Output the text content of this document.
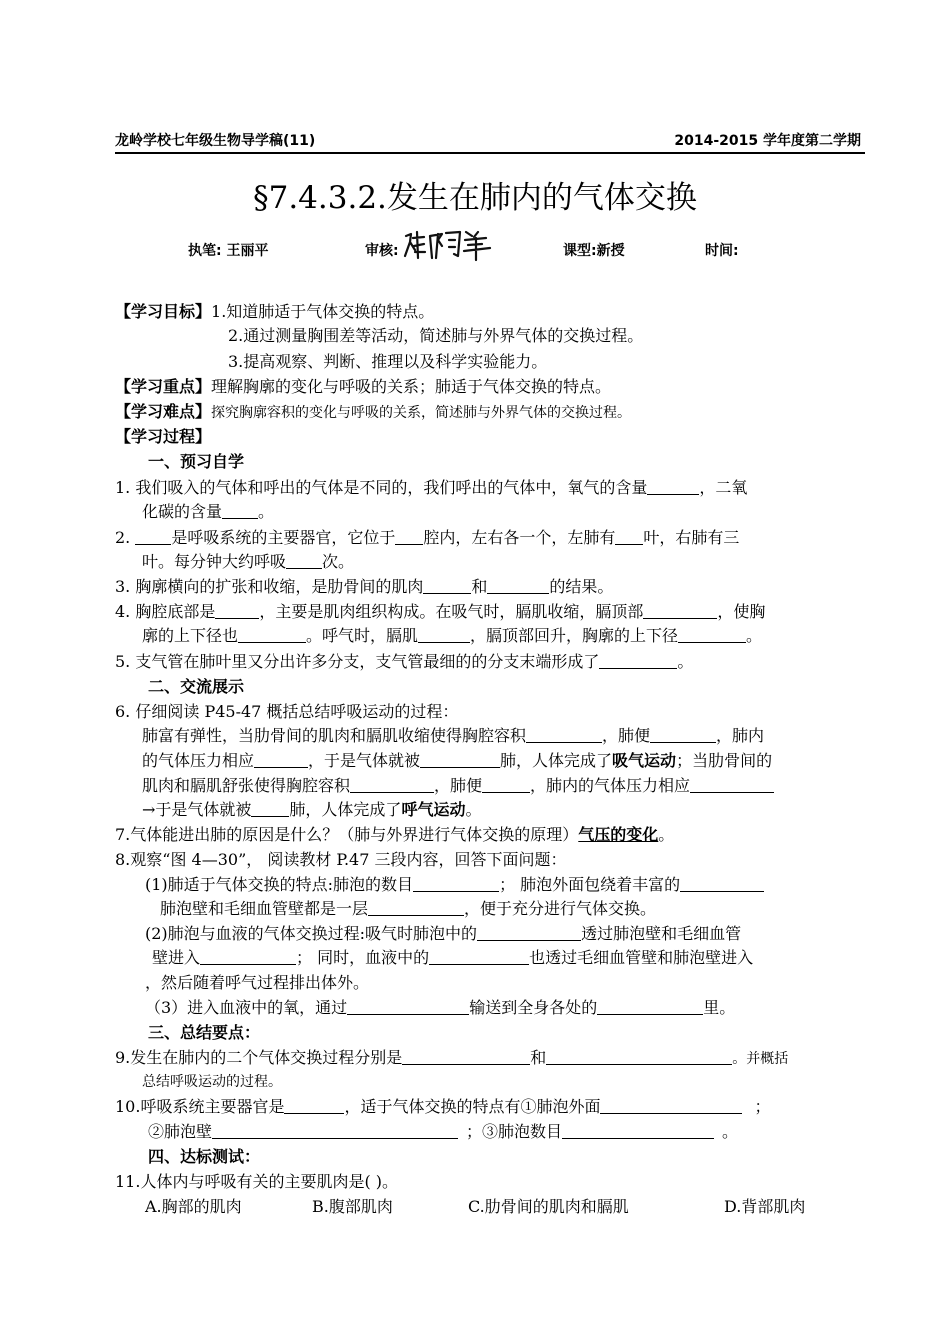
龙岭学校七年级生物导学稿(11)	2014-2015 学年度第二学期
§7.4.3.2.发生在肺内的气体交换
执笔: 王丽平	审核:	课型:新授	时间:
【学习目标】1.知道肺适于气体交换的特点。
2.通过测量胸围差等活动，简述肺与外界气体的交换过程。
3.提高观察、判断、推理以及科学实验能力。
【学习重点】理解胸廓的变化与呼吸的关系；肺适于气体交换的特点。
【学习难点】探究胸廓容积的变化与呼吸的关系，简述肺与外界气体的交换过程。
【学习过程】
一、预习自学
1. 我们吸入的气体和呼出的气体是不同的，我们呼出的气体中，氧气的含量	，二氧
化碳的含量 。
2. 是呼吸系统的主要器官，它位于 腔内，左右各一个，左肺有 叶，右肺有三
叶。每分钟大约呼吸 次。
3. 胸廓横向的扩张和收缩，是肋骨间的肌肉	和	的结果。
4. 胸腔底部是	，主要是肌肉组织构成。在吸气时，膈肌收缩，膈顶部	，使胸
廓的上下径也	。呼气时，膈肌	，膈顶部回升，胸廓的上下径	。
5. 支气管在肺叶里又分出许多分支，支气管最细的的分支末端形成了	。
二、交流展示
6. 仔细阅读 P45-47 概括总结呼吸运动的过程：
肺富有弹性，当肋骨间的肌肉和膈肌收缩使得胸腔容积	，肺便	，肺内
的气体压力相应	，于是气体就被	肺，人体完成了吸气运动；当肋骨间的
肌肉和膈肌舒张使得胸腔容积	，肺便	，肺内的气体压力相应
→于是气体就被 肺，人体完成了呼气运动。
7.气体能进出肺的原因是什么？（肺与外界进行气体交换的原理）气压的变化。
8.观察“图 4—30”， 阅读教材 P.47 三段内容，回答下面问题：
(1)肺适于气体交换的特点:肺泡的数目	； 肺泡外面包绕着丰富的
肺泡壁和毛细血管壁都是一层	，便于充分进行气体交换。
(2)肺泡与血液的气体交换过程:吸气时肺泡中的	透过肺泡壁和毛细血管
壁进入	； 同时，血液中的	也透过毛细血管壁和肺泡壁进入
，然后随着呼气过程排出体外。
（3）进入血液中的氧，通过	输送到全身各处的	里。
三、总结要点：
9.发生在肺内的二个气体交换过程分别是	和	。并概括
总结呼吸运动的过程。
10.呼吸系统主要器官是	，适于气体交换的特点有①肺泡外面	；
②肺泡壁	；③肺泡数目	。
四、达标测试：
11.人体内与呼吸有关的主要肌肉是( )。
A.胸部的肌肉	B.腹部肌肉	C.肋骨间的肌肉和膈肌	D.背部肌肉
